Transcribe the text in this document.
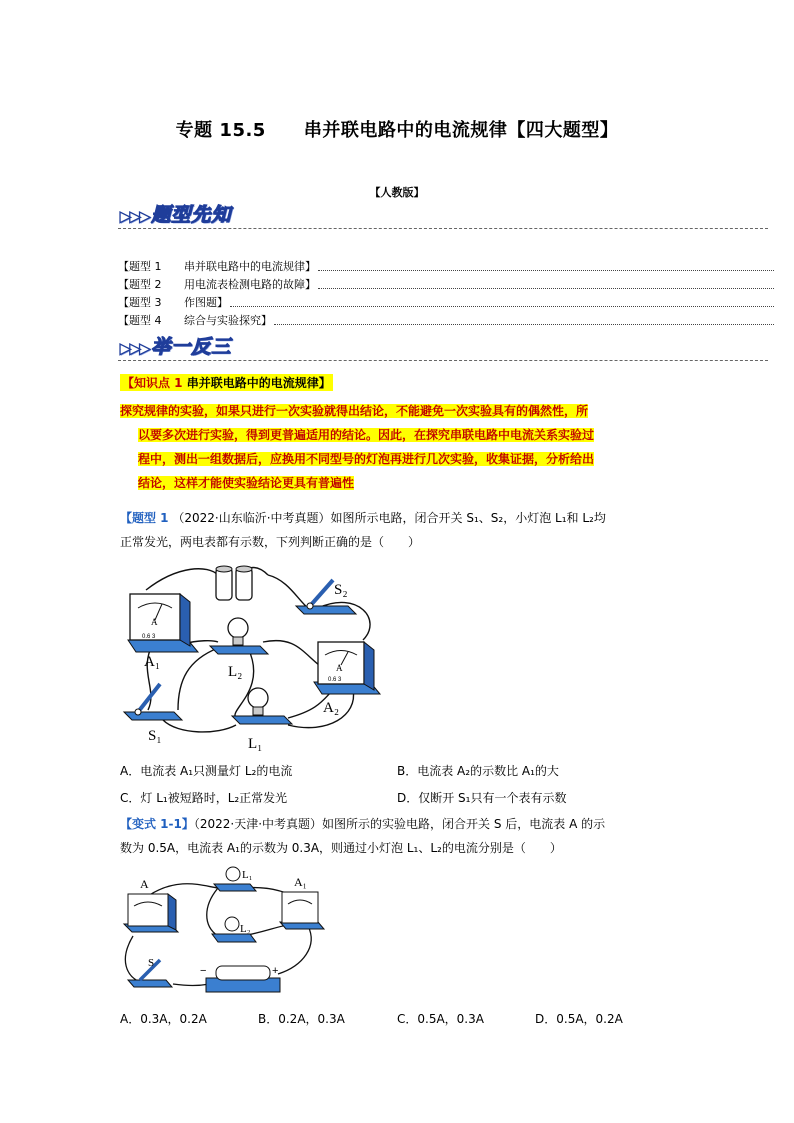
专题 15.5 串并联电路中的电流规律【四大题型】
【人教版】
▶▶▶ 题型先知
【题型 1	串并联电路中的电流规律】
【题型 2	用电流表检测电路的故障】
【题型 3	作图题】
【题型 4	综合与实验探究】
▶▶▶ 举一反三
【知识点 1 串并联电路中的电流规律】
探究规律的实验，如果只进行一次实验就得出结论，不能避免一次实验具有的偶然性，所
以要多次进行实验，得到更普遍适用的结论。因此，在探究串联电路中电流关系实验过
程中，测出一组数据后，应换用不同型号的灯泡再进行几次实验，收集证据，分析给出
结论，这样才能使实验结论更具有普遍性
【题型 1 （2022·山东临沂·中考真题）如图所示电路，闭合开关 S₁、S₂，小灯泡 L₁和 L₂均
正常发光，两电表都有示数，下列判断正确的是（　　）
A
0.6 3
A₁
L₂
S₂
A
0.6 3
A₂
S₁	L₁
A．电流表 A₁只测量灯 L₂的电流	B．电流表 A₂的示数比 A₁的大
C．灯 L₁被短路时，L₂正常发光	D．仅断开 S₁只有一个表有示数
【变式 1-1】（2022·天津·中考真题）如图所示的实验电路，闭合开关 S 后，电流表 A 的示
数为 0.5A，电流表 A₁的示数为 0.3A，则通过小灯泡 L₁、L₂的电流分别是（　　）
A
L₁	A₁
L₂
S
−	+
A．0.3A，0.2A	B．0.2A，0.3A	C．0.5A，0.3A	D．0.5A，0.2A
